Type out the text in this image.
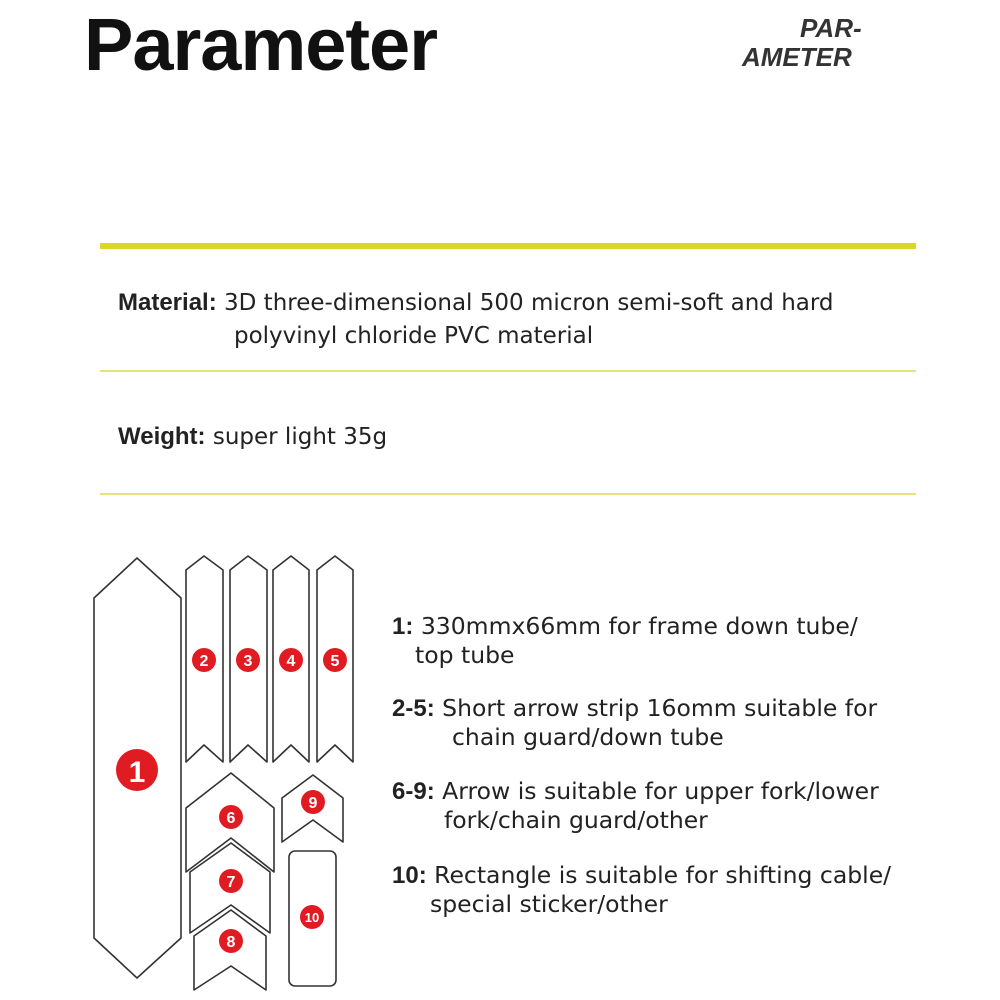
Parameter	PAR-
AMETER
Material: 3D three-dimensional 500 micron semi-soft and hard
polyvinyl chloride PVC material
Weight: super light 35g
1
2 3 4 5
6
7
8
9
10
1: 330mmx66mm for frame down tube/
top tube
2-5: Short arrow strip 16omm suitable for
chain guard/down tube
6-9: Arrow is suitable for upper fork/lower
fork/chain guard/other
10: Rectangle is suitable for shifting cable/
special sticker/other
